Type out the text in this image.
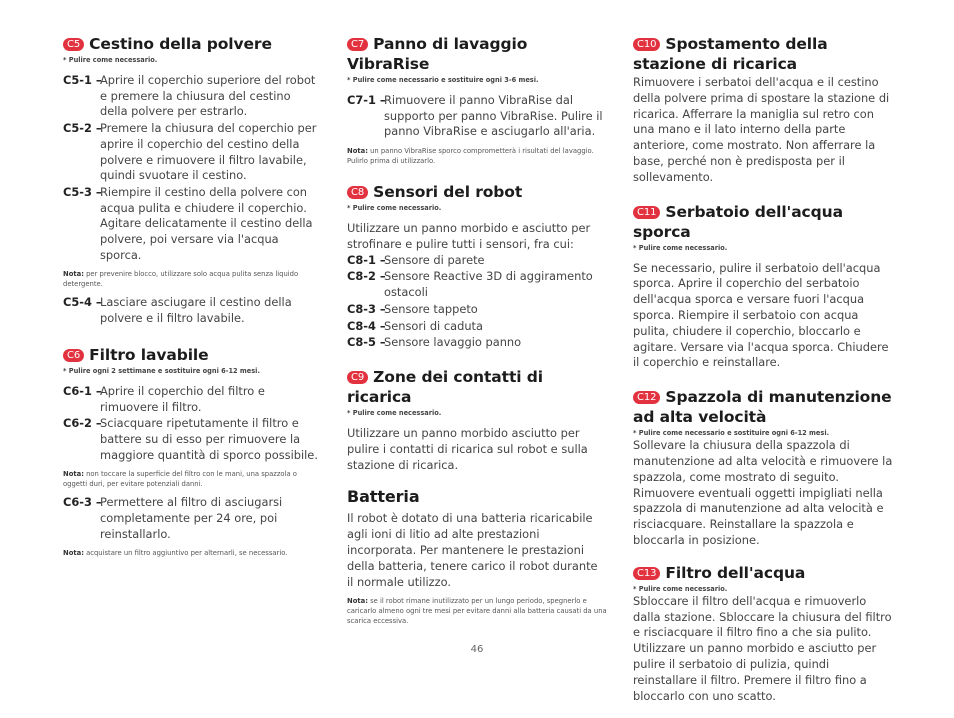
C5 Cestino della polvere
* Pulire come necessario.
C5-1 –
Aprire il coperchio superiore del robot e premere la chiusura del cestino della polvere per estrarlo.
C5-2 –
Premere la chiusura del coperchio per aprire il coperchio del cestino della polvere e rimuovere il filtro lavabile, quindi svuotare il cestino.
C5-3 –
Riempire il cestino della polvere con acqua pulita e chiudere il coperchio. Agitare delicatamente il cestino della polvere, poi versare via l'acqua sporca.
Nota: per prevenire blocco, utilizzare solo acqua pulita senza liquido detergente.
C5-4 –
Lasciare asciugare il cestino della polvere e il filtro lavabile.
C6 Filtro lavabile
* Pulire ogni 2 settimane e sostituire ogni 6-12 mesi.
C6-1 –
Aprire il coperchio del filtro e rimuovere il filtro.
C6-2 –
Sciacquare ripetutamente il filtro e battere su di esso per rimuovere la maggiore quantità di sporco possibile.
Nota: non toccare la superficie del filtro con le mani, una spazzola o oggetti duri, per evitare potenziali danni.
C6-3 –
Permettere al filtro di asciugarsi completamente per 24 ore, poi reinstallarlo.
Nota: acquistare un filtro aggiuntivo per alternarli, se necessario.
C7 Panno di lavaggio VibraRise
* Pulire come necessario e sostituire ogni 3-6 mesi.
C7-1 –
Rimuovere il panno VibraRise dal supporto per panno VibraRise. Pulire il panno VibraRise e asciugarlo all'aria.
Nota: un panno VibraRise sporco comprometterà i risultati del lavaggio. Pulirlo prima di utilizzarlo.
C8 Sensori del robot
* Pulire come necessario.
Utilizzare un panno morbido e asciutto per strofinare e pulire tutti i sensori, fra cui:
C8-1 –
Sensore di parete
C8-2 –
Sensore Reactive 3D di aggiramento ostacoli
C8-3 –
Sensore tappeto
C8-4 –
Sensori di caduta
C8-5 –
Sensore lavaggio panno
C9 Zone dei contatti di ricarica
* Pulire come necessario.
Utilizzare un panno morbido asciutto per pulire i contatti di ricarica sul robot e sulla stazione di ricarica.
Batteria
Il robot è dotato di una batteria ricaricabile agli ioni di litio ad alte prestazioni incorporata. Per mantenere le prestazioni della batteria, tenere carico il robot durante il normale utilizzo.
Nota: se il robot rimane inutilizzato per un lungo periodo, spegnerlo e caricarlo almeno ogni tre mesi per evitare danni alla batteria causati da una scarica eccessiva.
C10 Spostamento della stazione di ricarica
Rimuovere i serbatoi dell'acqua e il cestino della polvere prima di spostare la stazione di ricarica. Afferrare la maniglia sul retro con una mano e il lato interno della parte anteriore, come mostrato. Non afferrare la base, perché non è predisposta per il sollevamento.
C11 Serbatoio dell'acqua sporca
* Pulire come necessario.
Se necessario, pulire il serbatoio dell'acqua sporca. Aprire il coperchio del serbatoio dell'acqua sporca e versare fuori l'acqua sporca. Riempire il serbatoio con acqua pulita, chiudere il coperchio, bloccarlo e agitare. Versare via l'acqua sporca. Chiudere il coperchio e reinstallare.
C12 Spazzola di manutenzione ad alta velocità
* Pulire come necessario e sostituire ogni 6-12 mesi.
Sollevare la chiusura della spazzola di manutenzione ad alta velocità e rimuovere la spazzola, come mostrato di seguito. Rimuovere eventuali oggetti impigliati nella spazzola di manutenzione ad alta velocità e risciacquare. Reinstallare la spazzola e bloccarla in posizione.
C13 Filtro dell'acqua
* Pulire come necessario.
Sbloccare il filtro dell'acqua e rimuoverlo dalla stazione. Sbloccare la chiusura del filtro e risciacquare il filtro fino a che sia pulito. Utilizzare un panno morbido e asciutto per pulire il serbatoio di pulizia, quindi reinstallare il filtro. Premere il filtro fino a bloccarlo con uno scatto.
46
